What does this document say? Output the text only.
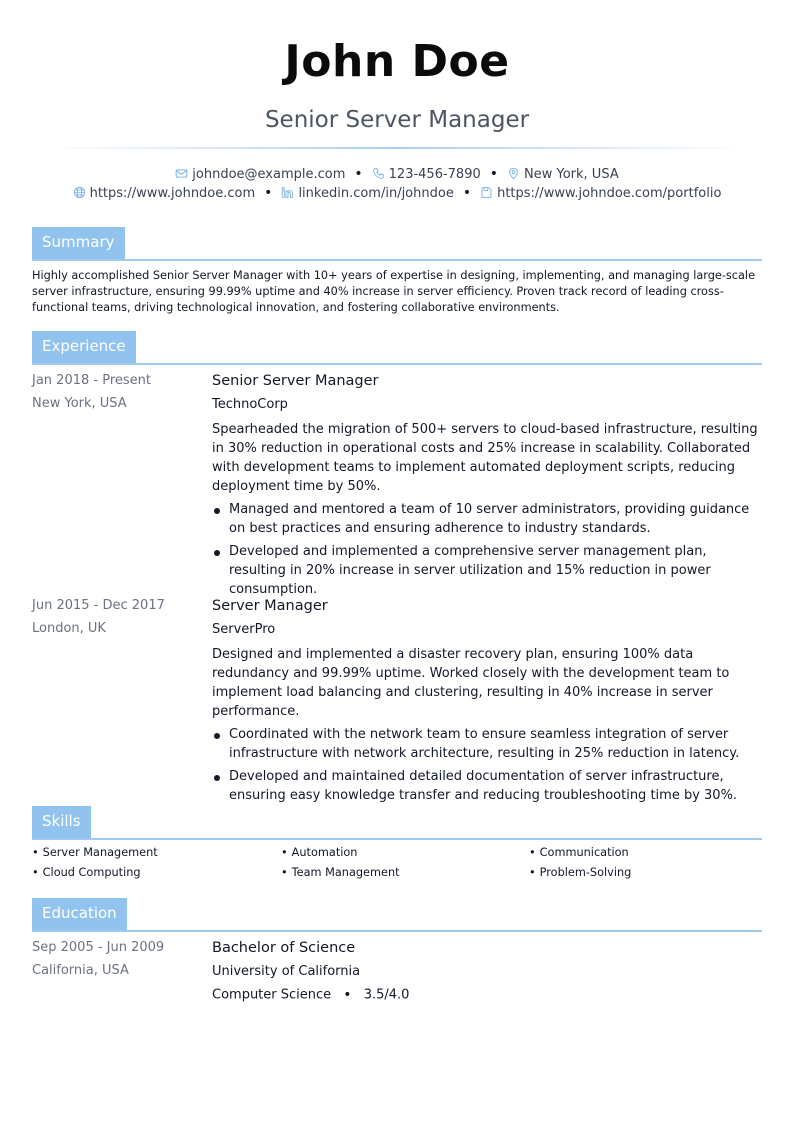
John Doe
Senior Server Manager
johndoe@example.com • 123-456-7890 • New York, USA
https://www.johndoe.com • linkedin.com/in/johndoe • https://www.johndoe.com/portfolio
Summary
Highly accomplished Senior Server Manager with 10+ years of expertise in designing, implementing, and managing large-scale server infrastructure, ensuring 99.99% uptime and 40% increase in server efficiency. Proven track record of leading cross-functional teams, driving technological innovation, and fostering collaborative environments.
Experience
Jan 2018 - Present
New York, USA
Senior Server Manager
TechnoCorp
Spearheaded the migration of 500+ servers to cloud-based infrastructure, resulting in 30% reduction in operational costs and 25% increase in scalability. Collaborated with development teams to implement automated deployment scripts, reducing deployment time by 50%.
Managed and mentored a team of 10 server administrators, providing guidance on best practices and ensuring adherence to industry standards.
Developed and implemented a comprehensive server management plan, resulting in 20% increase in server utilization and 15% reduction in power consumption.
Jun 2015 - Dec 2017
London, UK
Server Manager
ServerPro
Designed and implemented a disaster recovery plan, ensuring 100% data redundancy and 99.99% uptime. Worked closely with the development team to implement load balancing and clustering, resulting in 40% increase in server performance.
Coordinated with the network team to ensure seamless integration of server infrastructure with network architecture, resulting in 25% reduction in latency.
Developed and maintained detailed documentation of server infrastructure, ensuring easy knowledge transfer and reducing troubleshooting time by 30%.
Skills
• Server Management	• Automation	• Communication
• Cloud Computing	• Team Management	• Problem-Solving
Education
Sep 2005 - Jun 2009
California, USA
Bachelor of Science
University of California
Computer Science • 3.5/4.0
